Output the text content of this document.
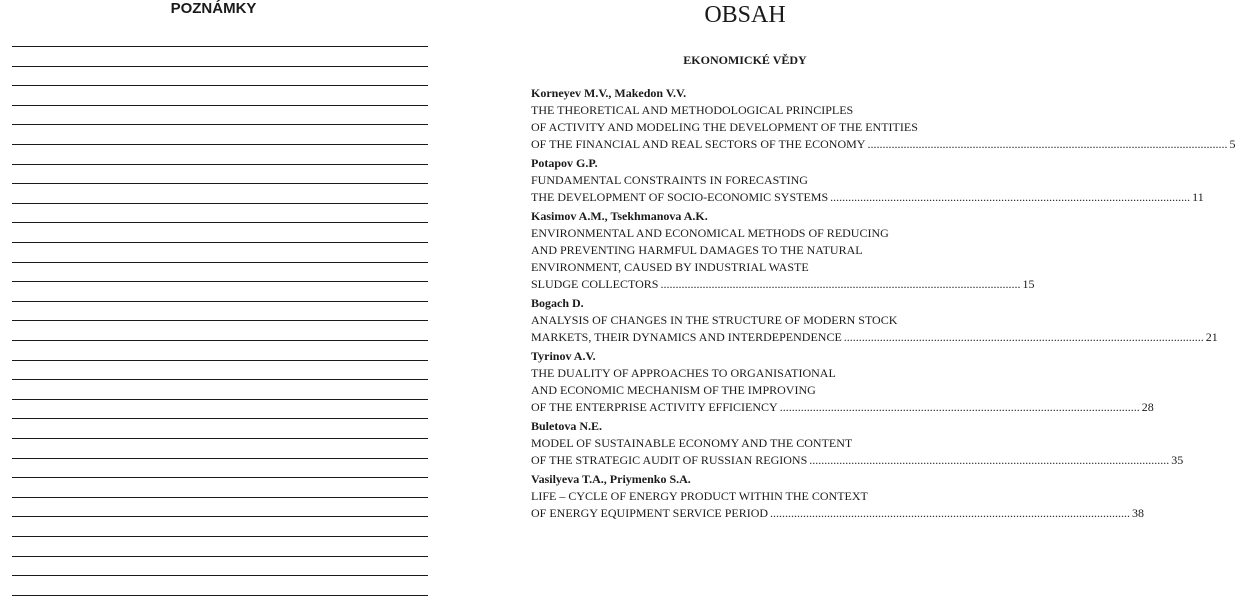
POZNÁMKY	OBSAH
EKONOMICKÉ VĚDY
Korneyev M.V., Makedon V.V.
THE THEORETICAL AND METHODOLOGICAL PRINCIPLES
OF ACTIVITY AND MODELING THE DEVELOPMENT OF THE ENTITIES
OF THE FINANCIAL AND REAL SECTORS OF THE ECONOMY ........................................................................................................................ 5
Potapov G.P.
FUNDAMENTAL CONSTRAINTS IN FORECASTING
THE DEVELOPMENT OF SOCIO-ECONOMIC SYSTEMS ........................................................................................................................ 11
Kasimov A.M., Tsekhmanova A.K.
ENVIRONMENTAL AND ECONOMICAL METHODS OF REDUCING
AND PREVENTING HARMFUL DAMAGES TO THE NATURAL
ENVIRONMENT, CAUSED BY INDUSTRIAL WASTE
SLUDGE COLLECTORS ........................................................................................................................ 15
Bogach D.
ANALYSIS OF CHANGES IN THE STRUCTURE OF MODERN STOCK
MARKETS, THEIR DYNAMICS AND INTERDEPENDENCE ........................................................................................................................ 21
Tyrinov A.V.
THE DUALITY OF APPROACHES TO ORGANISATIONAL
AND ECONOMIC MECHANISM OF THE IMPROVING
OF THE ENTERPRISE ACTIVITY EFFICIENCY ........................................................................................................................ 28
Buletova N.E.
MODEL OF SUSTAINABLE ECONOMY AND THE CONTENT
OF THE STRATEGIC AUDIT OF RUSSIAN REGIONS ........................................................................................................................ 35
Vasilyeva T.A., Priymenko S.A.
LIFE – CYCLE OF ENERGY PRODUCT WITHIN THE CONTEXT
OF ENERGY EQUIPMENT SERVICE PERIOD ........................................................................................................................ 38
